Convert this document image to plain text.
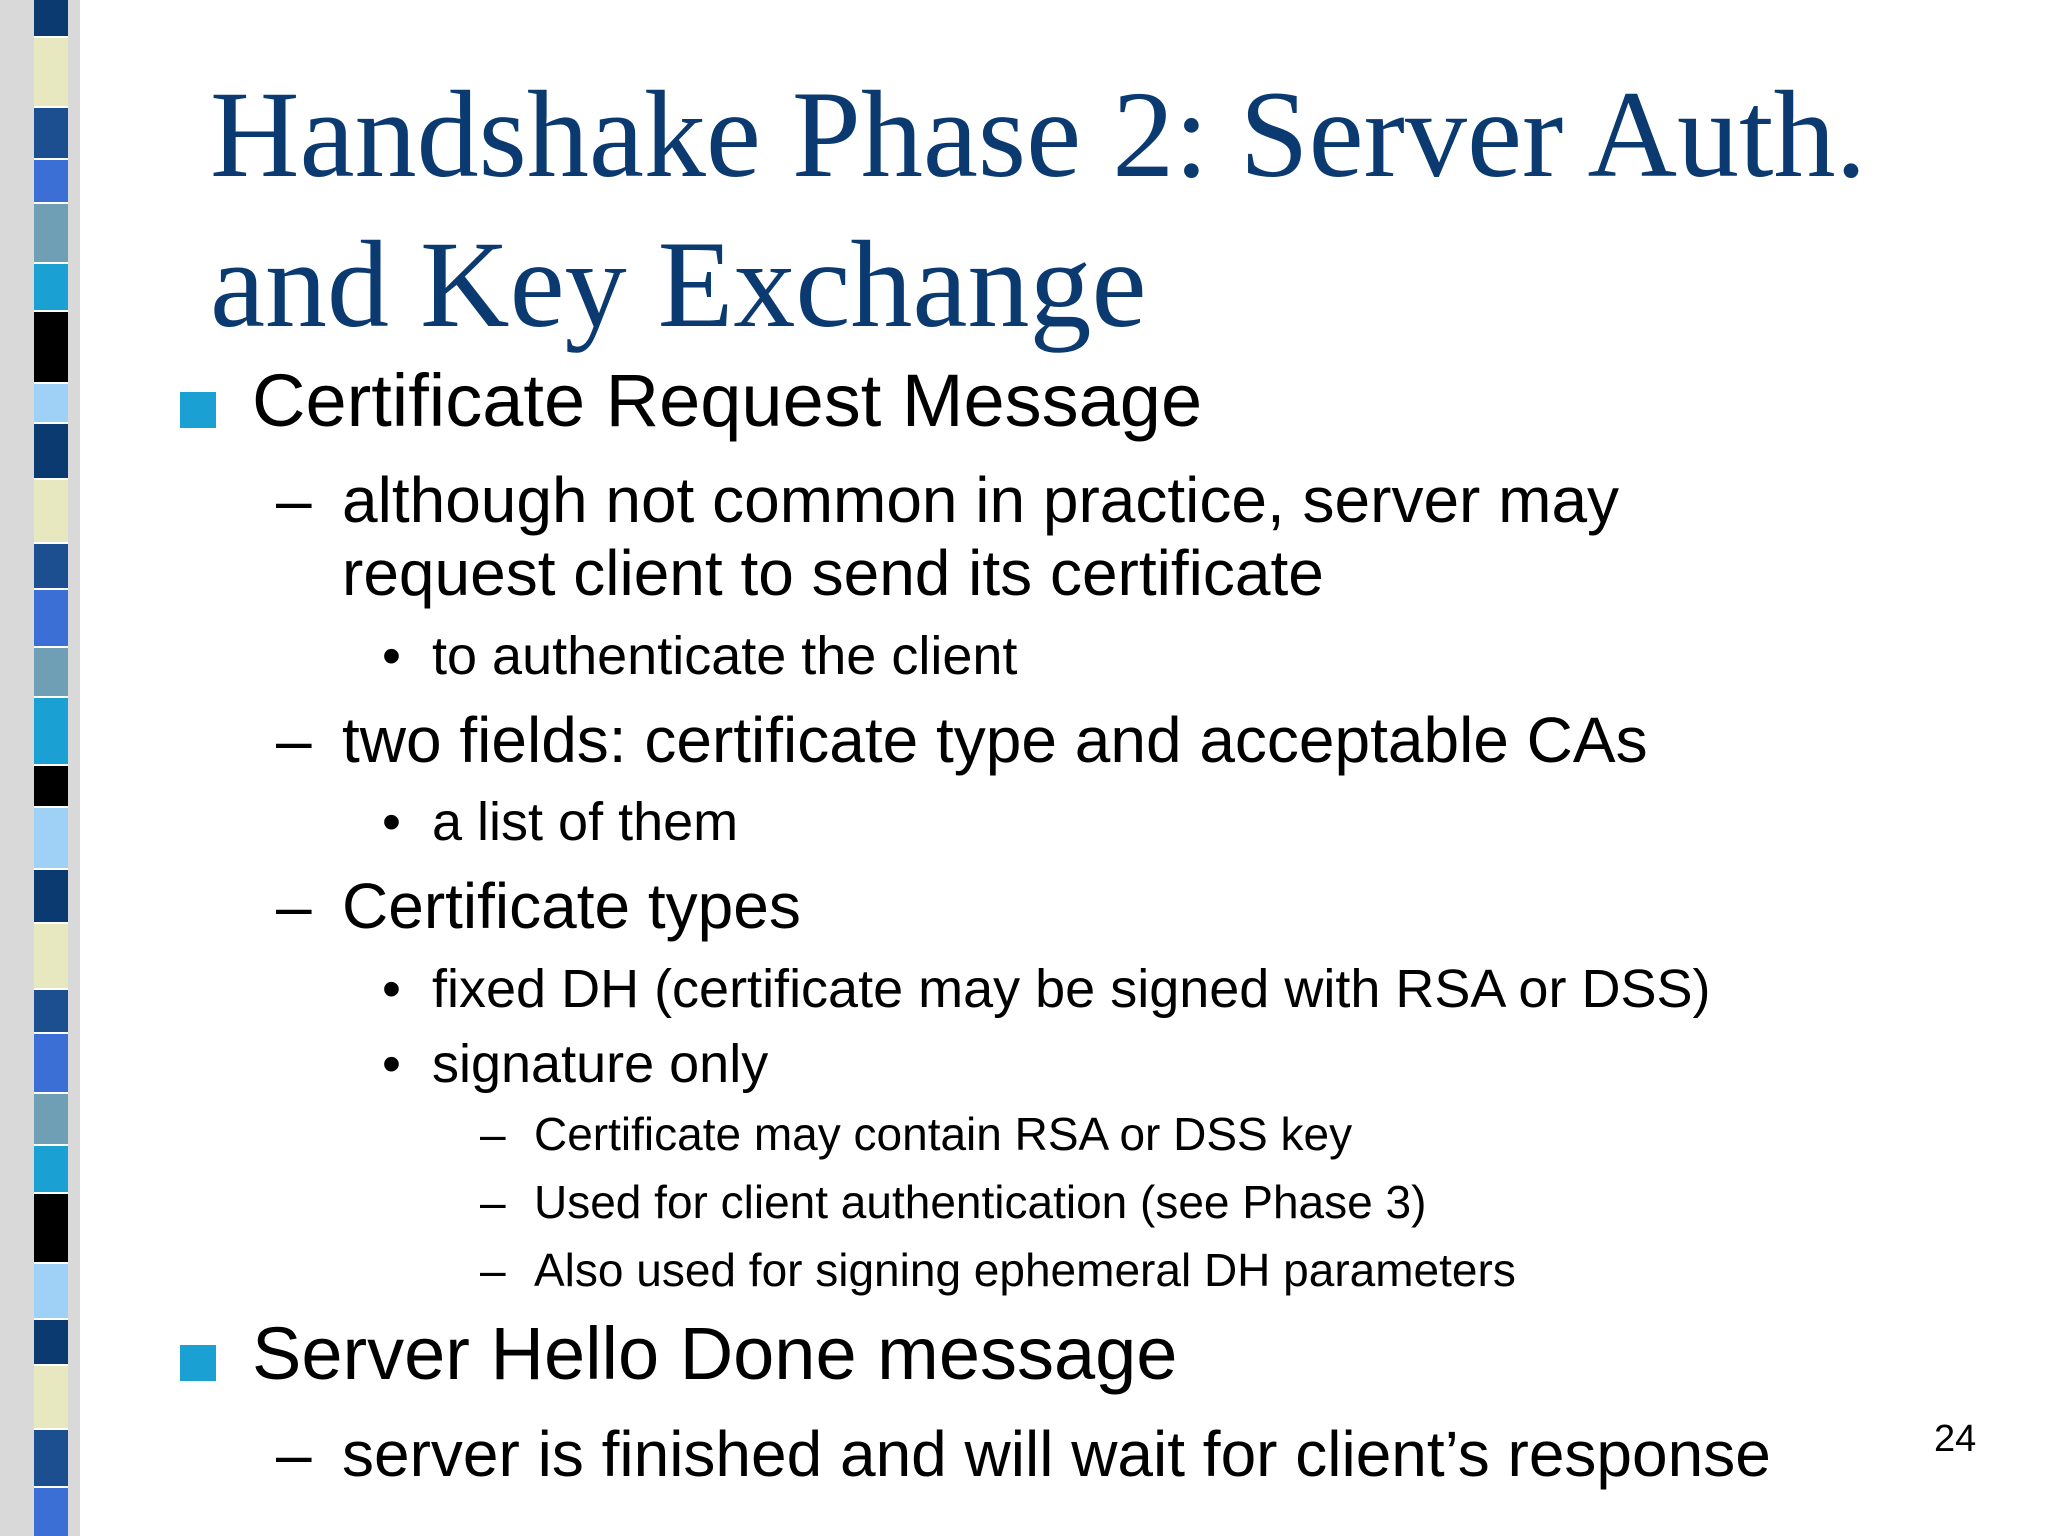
Handshake Phase 2: Server Auth. and Key Exchange
Certificate Request Message
– although not common in practice, server may
request client to send its certificate
• to authenticate the client
– two fields: certificate type and acceptable CAs
• a list of them
– Certificate types
• fixed DH (certificate may be signed with RSA or DSS)
• signature only
– Certificate may contain RSA or DSS key
– Used for client authentication (see Phase 3)
– Also used for signing ephemeral DH parameters
Server Hello Done message
– server is finished and will wait for client’s response	24
